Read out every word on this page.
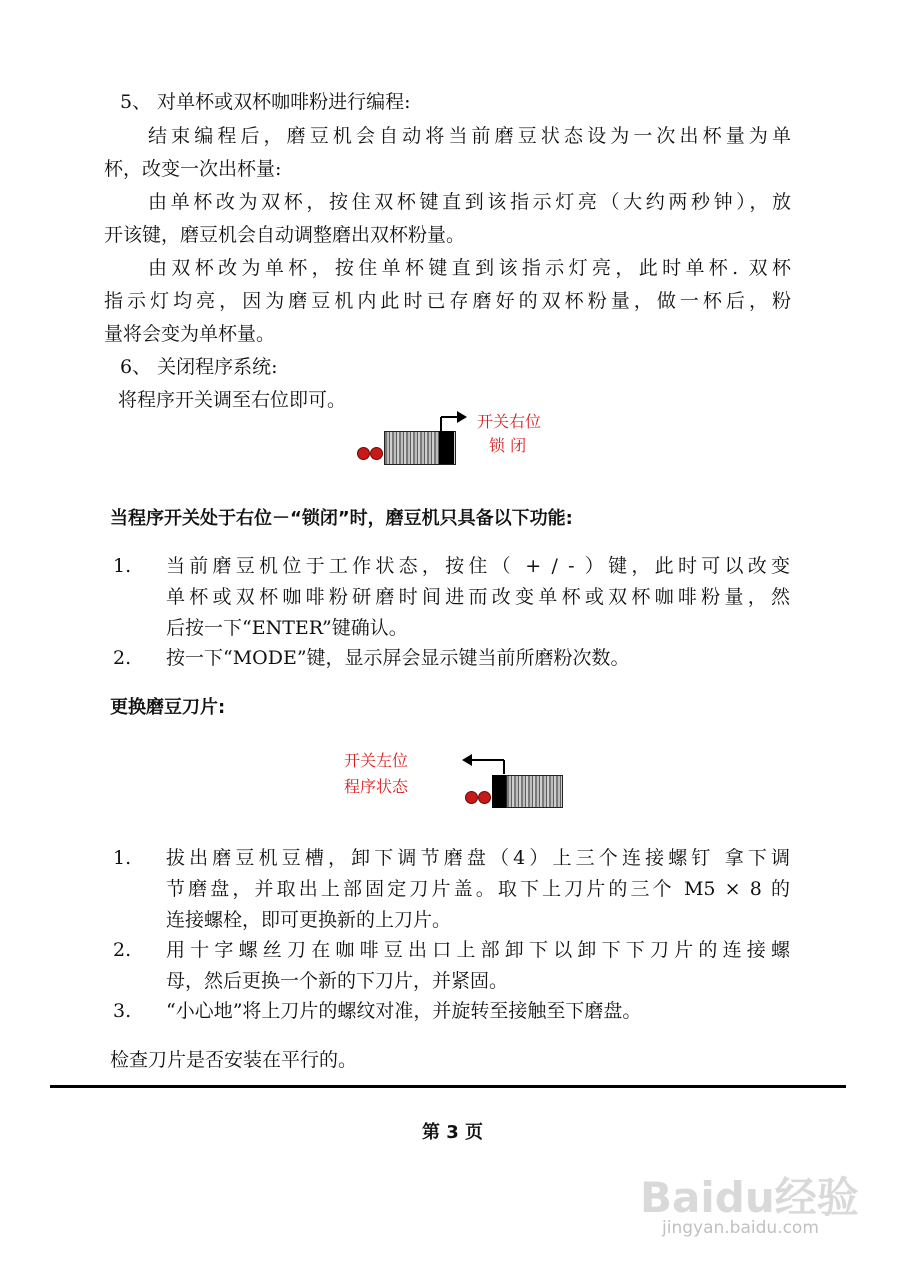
5、 对单杯或双杯咖啡粉进行编程:
结束编程后，磨豆机会自动将当前磨豆状态设为一次出杯量为单
杯，改变一次出杯量:
由单杯改为双杯，按住双杯键直到该指示灯亮（大约两秒钟），放
开该键，磨豆机会自动调整磨出双杯粉量。
由双杯改为单杯，按住单杯键直到该指示灯亮，此时单杯. 双杯
指示灯均亮，因为磨豆机内此时已存磨好的双杯粉量，做一杯后，粉
量将会变为单杯量。
6、 关闭程序系统:
将程序开关调至右位即可。
开关右位
锁 闭
当程序开关处于右位－“锁闭”时，磨豆机只具备以下功能:
1. 当前磨豆机位于工作状态，按住（ + / - ）键，此时可以改变
单杯或双杯咖啡粉研磨时间进而改变单杯或双杯咖啡粉量，然
后按一下“ENTER”键确认。
2. 按一下“MODE”键，显示屏会显示键当前所磨粉次数。
更换磨豆刀片:
开关左位
程序状态
1. 拔出磨豆机豆槽，卸下调节磨盘（4）上三个连接螺钉 拿下调
节磨盘，并取出上部固定刀片盖。取下上刀片的三个 M5 × 8 的
连接螺栓，即可更换新的上刀片。
2. 用十字螺丝刀在咖啡豆出口上部卸下以卸下下刀片的连接螺
母，然后更换一个新的下刀片，并紧固。
3. “小心地”将上刀片的螺纹对准，并旋转至接触至下磨盘。
检查刀片是否安装在平行的。
第 3 页
Baidu经验
jingyan.baidu.com
